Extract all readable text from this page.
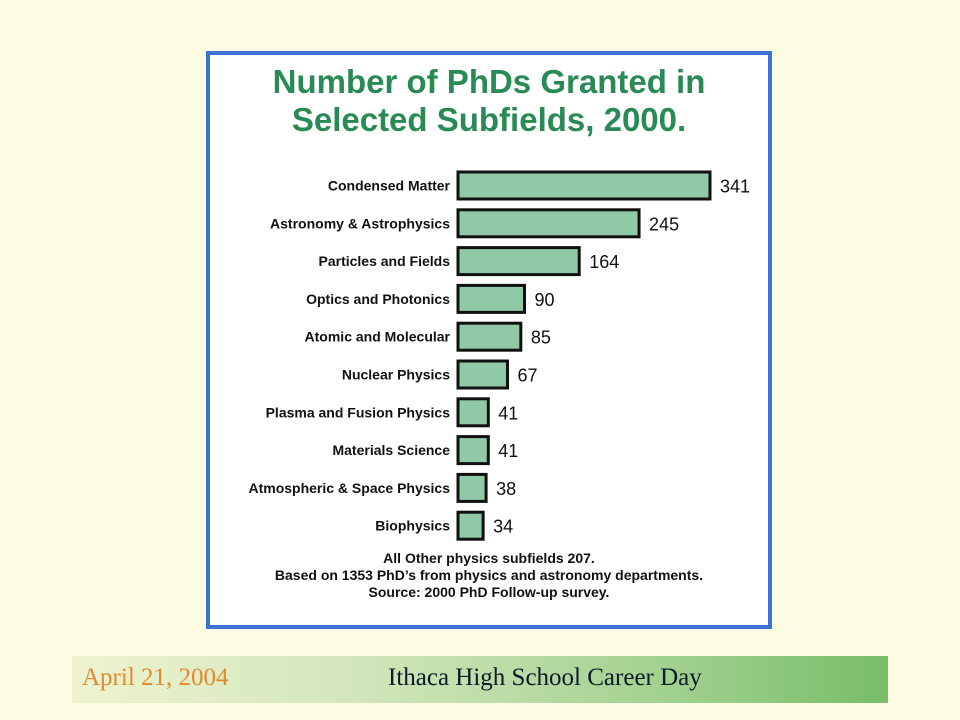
Number of PhDs Granted in
Selected Subfields, 2000.
Condensed Matter	341
Astronomy & Astrophysics	245
Particles and Fields	164
Optics and Photonics	90
Atomic and Molecular	85
Nuclear Physics	67
Plasma and Fusion Physics	41
Materials Science	41
Atmospheric & Space Physics	38
Biophysics 34
All Other physics subfields 207.
Based on 1353 PhD’s from physics and astronomy departments.
Source: 2000 PhD Follow-up survey.
April 21, 2004	Ithaca High School Career Day
